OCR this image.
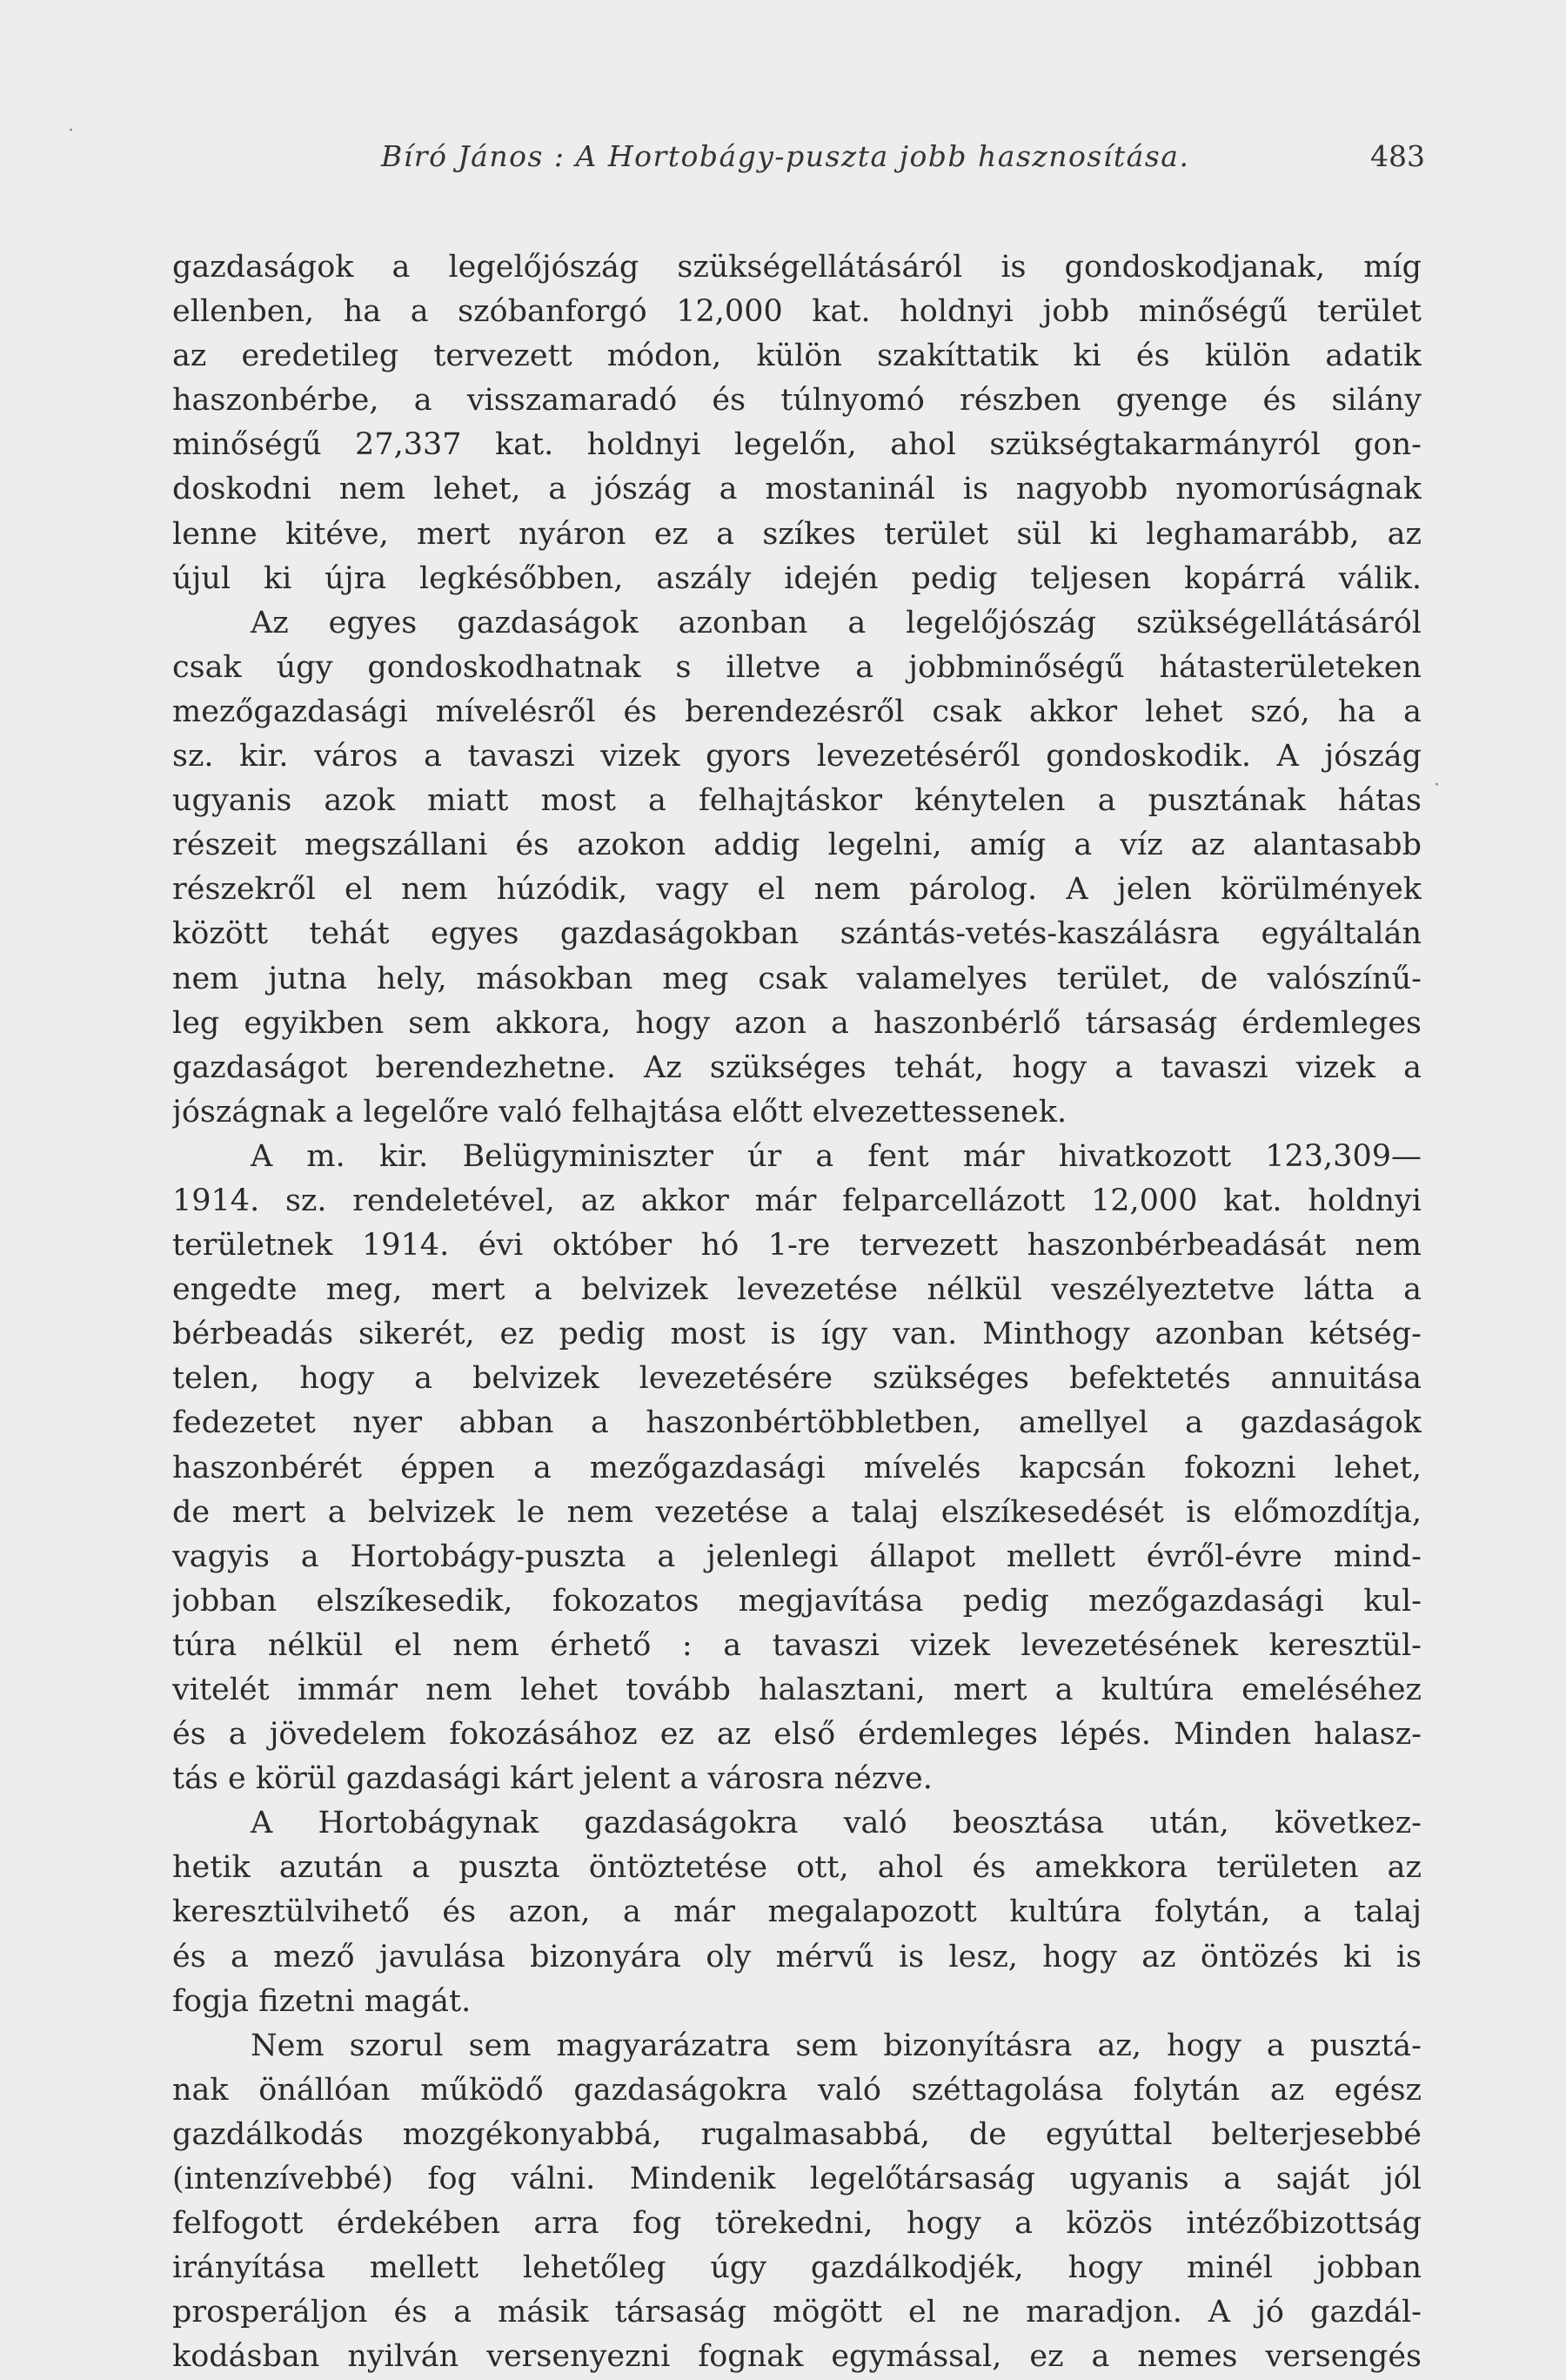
Bíró János : A Hortobágy-puszta jobb hasznosítása.	483
gazdaságok a legelőjószág szükségellátásáról is gondoskodjanak, míg
ellenben, ha a szóbanforgó 12,000 kat. holdnyi jobb minőségű terület
az eredetileg tervezett módon, külön szakíttatik ki és külön adatik
haszonbérbe, a visszamaradó és túlnyomó részben gyenge és silány
minőségű 27,337 kat. holdnyi legelőn, ahol szükségtakarmányról gon-
doskodni nem lehet, a jószág a mostaninál is nagyobb nyomorúságnak
lenne kitéve, mert nyáron ez a szíkes terület sül ki leghamarább, az
újul ki újra legkésőbben, aszály idején pedig teljesen kopárrá válik.
Az egyes gazdaságok azonban a legelőjószág szükségellátásáról
csak úgy gondoskodhatnak s illetve a jobbminőségű hátasterületeken
mezőgazdasági mívelésről és berendezésről csak akkor lehet szó, ha a
sz. kir. város a tavaszi vizek gyors levezetéséről gondoskodik. A jószág
ugyanis azok miatt most a felhajtáskor kénytelen a pusztának hátas
részeit megszállani és azokon addig legelni, amíg a víz az alantasabb
részekről el nem húzódik, vagy el nem párolog. A jelen körülmények
között tehát egyes gazdaságokban szántás-vetés-kaszálásra egyáltalán
nem jutna hely, másokban meg csak valamelyes terület, de valószínű-
leg egyikben sem akkora, hogy azon a haszonbérlő társaság érdemleges
gazdaságot berendezhetne. Az szükséges tehát, hogy a tavaszi vizek a
jószágnak a legelőre való felhajtása előtt elvezettessenek.
A m. kir. Belügyminiszter úr a fent már hivatkozott 123,309—
1914. sz. rendeletével, az akkor már felparcellázott 12,000 kat. holdnyi
területnek 1914. évi október hó 1-re tervezett haszonbérbeadását nem
engedte meg, mert a belvizek levezetése nélkül veszélyeztetve látta a
bérbeadás sikerét, ez pedig most is így van. Minthogy azonban kétség-
telen, hogy a belvizek levezetésére szükséges befektetés annuitása
fedezetet nyer abban a haszonbértöbbletben, amellyel a gazdaságok
haszonbérét éppen a mezőgazdasági mívelés kapcsán fokozni lehet,
de mert a belvizek le nem vezetése a talaj elszíkesedését is előmozdítja,
vagyis a Hortobágy-puszta a jelenlegi állapot mellett évről-évre mind-
jobban elszíkesedik, fokozatos megjavítása pedig mezőgazdasági kul-
túra nélkül el nem érhető : a tavaszi vizek levezetésének keresztül-
vitelét immár nem lehet tovább halasztani, mert a kultúra emeléséhez
és a jövedelem fokozásához ez az első érdemleges lépés. Minden halasz-
tás e körül gazdasági kárt jelent a városra nézve.
A Hortobágynak gazdaságokra való beosztása után, következ-
hetik azután a puszta öntöztetése ott, ahol és amekkora területen az
keresztülvihető és azon, a már megalapozott kultúra folytán, a talaj
és a mező javulása bizonyára oly mérvű is lesz, hogy az öntözés ki is
fogja fizetni magát.
Nem szorul sem magyarázatra sem bizonyításra az, hogy a pusztá-
nak önállóan működő gazdaságokra való széttagolása folytán az egész
gazdálkodás mozgékonyabbá, rugalmasabbá, de egyúttal belterjesebbé
(intenzívebbé) fog válni. Mindenik legelőtársaság ugyanis a saját jól
felfogott érdekében arra fog törekedni, hogy a közös intézőbizottság
irányítása mellett lehetőleg úgy gazdálkodjék, hogy minél jobban
prosperáljon és a másik társaság mögött el ne maradjon. A jó gazdál-
kodásban nyilván versenyezni fognak egymással, ez a nemes versengés
·
·
